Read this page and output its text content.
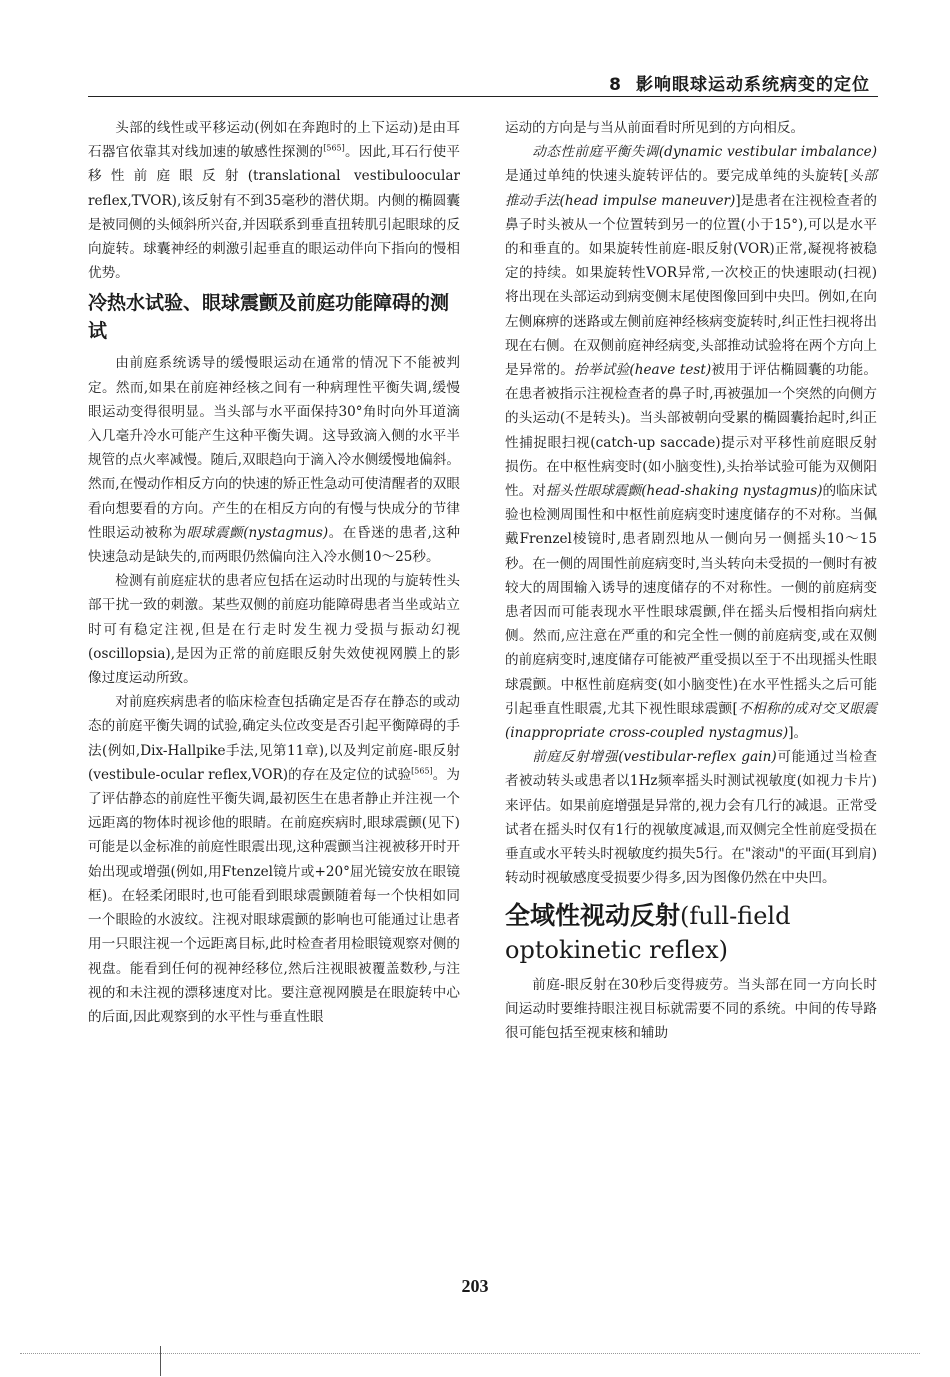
8 影响眼球运动系统病变的定位

头部的线性或平移运动(例如在奔跑时的上下运动)是由耳石器官依靠其对线加速的敏感性探测的[565]。因此,耳石行使平移性前庭眼反射(translational vestibuloocular reflex,TVOR),该反射有不到35毫秒的潜伏期。内侧的椭圆囊是被同侧的头倾斜所兴奋,并因联系到垂直扭转肌引起眼球的反向旋转。球囊神经的刺激引起垂直的眼运动伴向下指向的慢相优势。

冷热水试验、眼球震颤及前庭功能障碍的测试

由前庭系统诱导的缓慢眼运动在通常的情况下不能被判定。然而,如果在前庭神经核之间有一种病理性平衡失调,缓慢眼运动变得很明显。当头部与水平面保持30°角时向外耳道滴入几毫升冷水可能产生这种平衡失调。这导致滴入侧的水平半规管的点火率减慢。随后,双眼趋向于滴入冷水侧缓慢地偏斜。然而,在慢动作相反方向的快速的矫正性急动可使清醒者的双眼看向想要看的方向。产生的在相反方向的有慢与快成分的节律性眼运动被称为眼球震颤(nystagmus)。在昏迷的患者,这种快速急动是缺失的,而两眼仍然偏向注入冷水侧10～25秒。

检测有前庭症状的患者应包括在运动时出现的与旋转性头部干扰一致的刺激。某些双侧的前庭功能障碍患者当坐或站立时可有稳定注视,但是在行走时发生视力受损与振动幻视(oscillopsia),是因为正常的前庭眼反射失效使视网膜上的影像过度运动所致。

对前庭疾病患者的临床检查包括确定是否存在静态的或动态的前庭平衡失调的试验,确定头位改变是否引起平衡障碍的手法(例如,Dix-Hallpike手法,见第11章),以及判定前庭-眼反射(vestibule-ocular reflex,VOR)的存在及定位的试验[565]。为了评估静态的前庭性平衡失调,最初医生在患者静止并注视一个远距离的物体时视诊他的眼睛。在前庭疾病时,眼球震颤(见下)可能是以金标准的前庭性眼震出现,这种震颤当注视被移开时开始出现或增强(例如,用Ftenzel镜片或+20°屈光镜安放在眼镜框)。在轻柔闭眼时,也可能看到眼球震颤随着每一个快相如同一个眼睑的水波纹。注视对眼球震颤的影响也可能通过让患者用一只眼注视一个远距离目标,此时检查者用检眼镜观察对侧的视盘。能看到任何的视神经移位,然后注视眼被覆盖数秒,与注视的和未注视的漂移速度对比。要注意视网膜是在眼旋转中心的后面,因此观察到的水平性与垂直性眼

运动的方向是与当从前面看时所见到的方向相反。

动态性前庭平衡失调(dynamic vestibular imbalance)是通过单纯的快速头旋转评估的。要完成单纯的头旋转[头部推动手法(head impulse maneuver)]是患者在注视检查者的鼻子时头被从一个位置转到另一的位置(小于15°),可以是水平的和垂直的。如果旋转性前庭-眼反射(VOR)正常,凝视将被稳定的持续。如果旋转性VOR异常,一次校正的快速眼动(扫视)将出现在头部运动到病变侧末尾使图像回到中央凹。例如,在向左侧麻痹的迷路或左侧前庭神经核病变旋转时,纠正性扫视将出现在右侧。在双侧前庭神经病变,头部推动试验将在两个方向上是异常的。抬举试验(heave test)被用于评估椭圆囊的功能。在患者被指示注视检查者的鼻子时,再被强加一个突然的向侧方的头运动(不是转头)。当头部被朝向受累的椭圆囊抬起时,纠正性捕捉眼扫视(catch-up saccade)提示对平移性前庭眼反射损伤。在中枢性病变时(如小脑变性),头抬举试验可能为双侧阳性。对摇头性眼球震颤(head-shaking nystagmus)的临床试验也检测周围性和中枢性前庭病变时速度储存的不对称。当佩戴Frenzel棱镜时,患者剧烈地从一侧向另一侧摇头10～15秒。在一侧的周围性前庭病变时,当头转向未受损的一侧时有被较大的周围输入诱导的速度储存的不对称性。一侧的前庭病变患者因而可能表现水平性眼球震颤,伴在摇头后慢相指向病灶侧。然而,应注意在严重的和完全性一侧的前庭病变,或在双侧的前庭病变时,速度储存可能被严重受损以至于不出现摇头性眼球震颤。中枢性前庭病变(如小脑变性)在水平性摇头之后可能引起垂直性眼震,尤其下视性眼球震颤[不相称的成对交叉眼震(inappropriate cross-coupled nystagmus)]。

前庭反射增强(vestibular-reflex gain)可能通过当检查者被动转头或患者以1Hz频率摇头时测试视敏度(如视力卡片)来评估。如果前庭增强是异常的,视力会有几行的减退。正常受试者在摇头时仅有1行的视敏度减退,而双侧完全性前庭受损在垂直或水平转头时视敏度约损失5行。在"滚动"的平面(耳到肩)转动时视敏感度受损要少得多,因为图像仍然在中央凹。

全域性视动反射(full-field optokinetic reflex)

前庭-眼反射在30秒后变得疲劳。当头部在同一方向长时间运动时要维持眼注视目标就需要不同的系统。中间的传导路很可能包括至视束核和辅助

203
